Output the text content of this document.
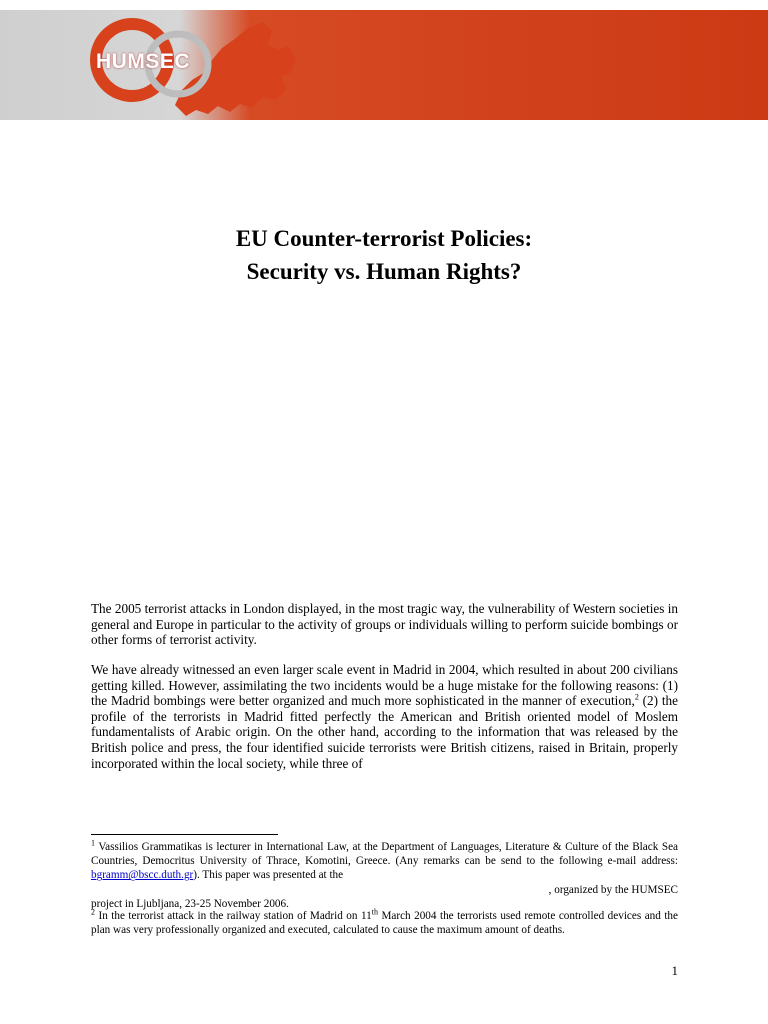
HUMSEC
EU Counter-terrorist Policies:
Security vs. Human Rights?
The 2005 terrorist attacks in London displayed, in the most tragic way, the vulnerability of Western societies in general and Europe in particular to the activity of groups or individuals willing to perform suicide bombings or other forms of terrorist activity.
We have already witnessed an even larger scale event in Madrid in 2004, which resulted in about 200 civilians getting killed. However, assimilating the two incidents would be a huge mistake for the following reasons: (1) the Madrid bombings were better organized and much more sophisticated in the manner of execution,$^2$ (2) the profile of the terrorists in Madrid fitted perfectly the American and British oriented model of Moslem fundamentalists of Arabic origin. On the other hand, according to the information that was released by the British police and press, the four identified suicide terrorists were British citizens, raised in Britain, properly incorporated within the local society, while three of
$^1$ Vassilios Grammatikas is lecturer in International Law, at the Department of Languages, Literature & Culture of the Black Sea Countries, Democritus University of Thrace, Komotini, Greece. (Any remarks can be send to the following e-mail address: bgramm@bscc.duth.gr). This paper was presented at the
, organized by the HUMSEC
project in Ljubljana, 23-25 November 2006.
$^2$ In the terrorist attack in the railway station of Madrid on 11th March 2004 the terrorists used remote controlled devices and the plan was very professionally organized and executed, calculated to cause the maximum amount of deaths.
1
